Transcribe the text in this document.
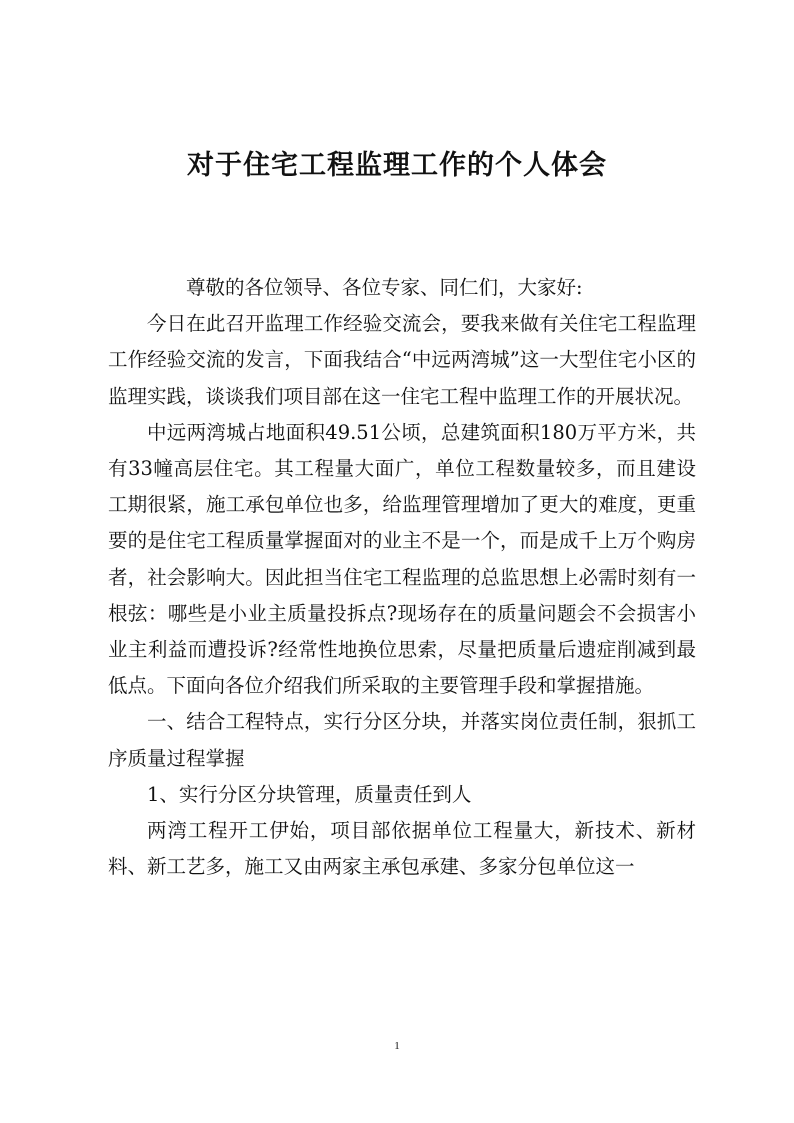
对于住宅工程监理工作的个人体会

尊敬的各位领导、各位专家、同仁们，大家好:

今日在此召开监理工作经验交流会，要我来做有关住宅工程监理工作经验交流的发言，下面我结合“中远两湾城”这一大型住宅小区的监理实践，谈谈我们项目部在这一住宅工程中监理工作的开展状况。

中远两湾城占地面积49.51公顷，总建筑面积180万平方米，共有33幢高层住宅。其工程量大面广，单位工程数量较多，而且建设工期很紧，施工承包单位也多，给监理管理增加了更大的难度，更重要的是住宅工程质量掌握面对的业主不是一个，而是成千上万个购房者，社会影响大。因此担当住宅工程监理的总监思想上必需时刻有一根弦：哪些是小业主质量投拆点?现场存在的质量问题会不会损害小业主利益而遭投诉?经常性地换位思索，尽量把质量后遗症削减到最低点。下面向各位介绍我们所采取的主要管理手段和掌握措施。

一、结合工程特点，实行分区分块，并落实岗位责任制，狠抓工序质量过程掌握

1、实行分区分块管理，质量责任到人

两湾工程开工伊始，项目部依据单位工程量大，新技术、新材料、新工艺多，施工又由两家主承包承建、多家分包单位这一

1
